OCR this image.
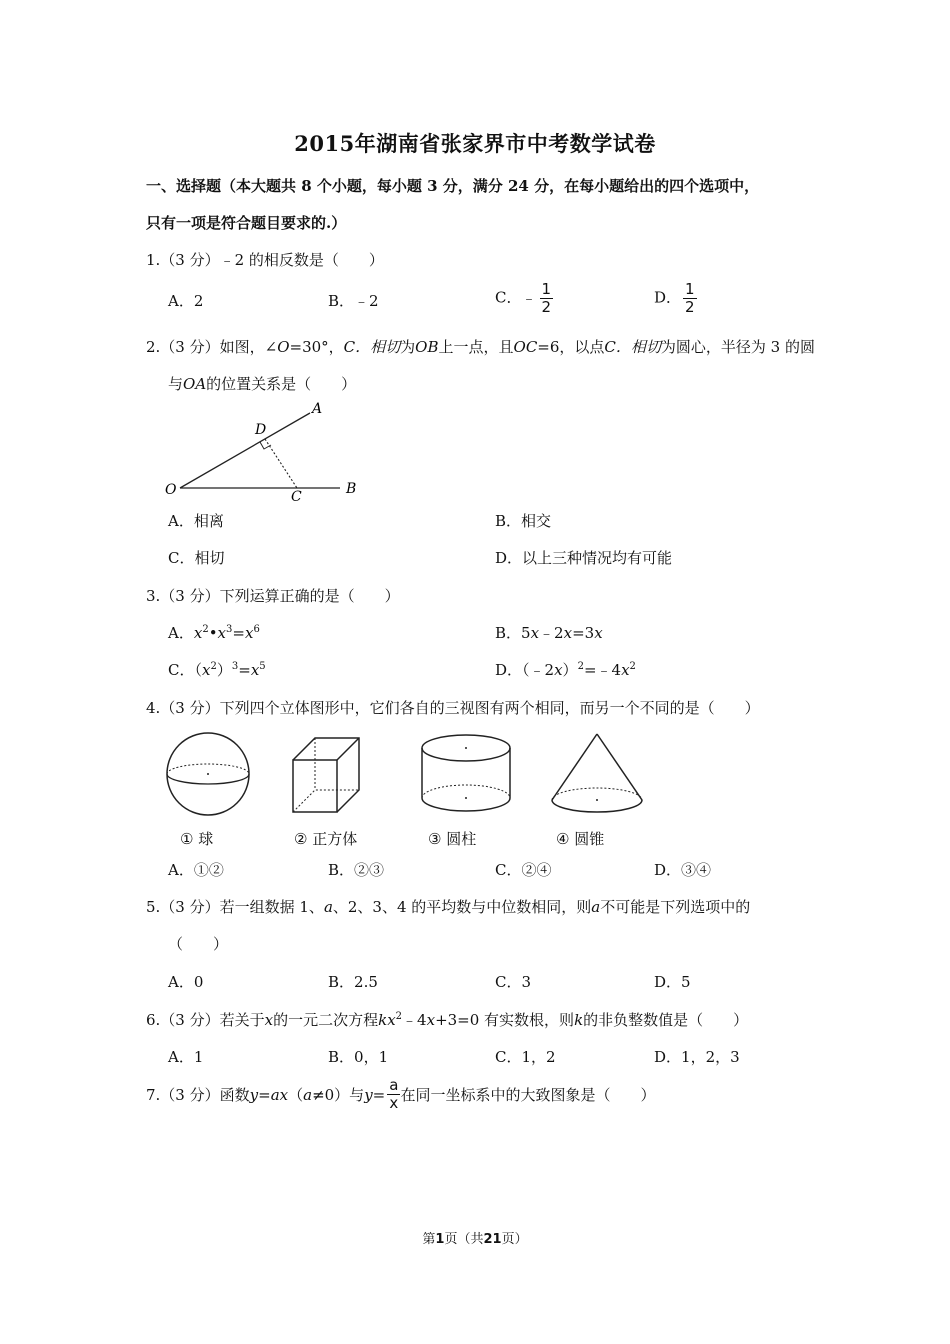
2015年湖南省张家界市中考数学试卷
一、选择题（本大题共 8 个小题，每小题 3 分，满分 24 分，在每小题给出的四个选项中，
只有一项是符合题目要求的.）
1.（3 分）﹣2 的相反数是（　　）
A．2	B．﹣2	C．﹣ $\frac{1}{2}$	D． $\frac{1}{2}$
2.（3 分）如图，∠O=30°，C．相切为OB上一点，且OC=6，以点C．相切为圆心，半径为 3 的圆
与OA的位置关系是（　　）
A
B
C
D
O
A．相离	B．相交
C．相切	D．以上三种情况均有可能
3.（3 分）下列运算正确的是（　　）
A．$x^2•x^3=x^6$	B．5x﹣2x=3x
C．$(x^2)^3=x^5$	D．$(﹣2x)^2=﹣4x^2$
4.（3 分）下列四个立体图形中，它们各自的三视图有两个相同，而另一个不同的是（　　）
① 球	② 正方体	③ 圆柱	④ 圆锥
A．①②	B．②③	C．②④	D．③④
5.（3 分）若一组数据 1、a、2、3、4 的平均数与中位数相同，则a不可能是下列选项中的
（　　）
A．0	B．2.5	C．3	D．5
6.（3 分）若关于x的一元二次方程$kx^2﹣4x+3=0$ 有实数根，则k的非负整数值是（　　）
A．1	B．0，1	C．1，2	D．1，2，3
7.（3 分）函数 y = ax （ a ≠0）与 $y = \frac{a}{x}$ 在同一坐标系中的大致图象是（　　）
第1页（共21页）
